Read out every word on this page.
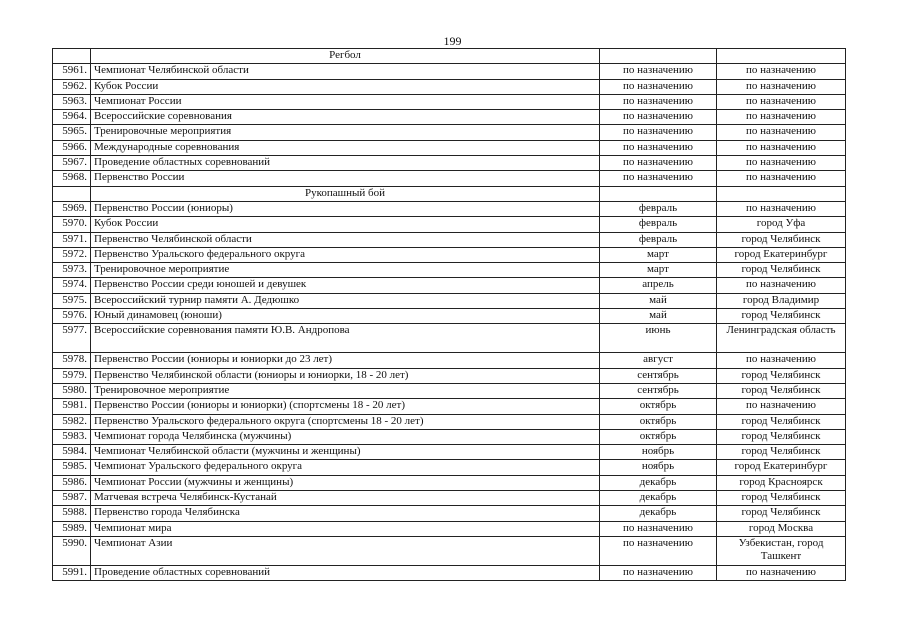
199
	Регбол		
5961.	Чемпионат Челябинской области	по назначению	по назначению
5962.	Кубок России	по назначению	по назначению
5963.	Чемпионат России	по назначению	по назначению
5964.	Всероссийские соревнования	по назначению	по назначению
5965.	Тренировочные мероприятия	по назначению	по назначению
5966.	Международные соревнования	по назначению	по назначению
5967.	Проведение областных соревнований	по назначению	по назначению
5968.	Первенство России	по назначению	по назначению
	Рукопашный бой		
5969.	Первенство России (юниоры)	февраль	по назначению
5970.	Кубок России	февраль	город Уфа
5971.	Первенство Челябинской области	февраль	город Челябинск
5972.	Первенство Уральского федерального округа	март	город Екатеринбург
5973.	Тренировочное мероприятие	март	город Челябинск
5974.	Первенство России среди юношей и девушек	апрель	по назначению
5975.	Всероссийский турнир памяти А. Дедюшко	май	город Владимир
5976.	Юный динамовец (юноши)	май	город Челябинск
5977.	Всероссийские соревнования памяти Ю.В. Андропова	июнь	Ленинградская область
5978.	Первенство России (юниоры и юниорки до 23 лет)	август	по назначению
5979.	Первенство Челябинской области (юниоры и юниорки, 18 - 20 лет)	сентябрь	город Челябинск
5980.	Тренировочное мероприятие	сентябрь	город Челябинск
5981.	Первенство России (юниоры и юниорки) (спортсмены 18 - 20 лет)	октябрь	по назначению
5982.	Первенство Уральского федерального округа (спортсмены 18 - 20 лет)	октябрь	город Челябинск
5983.	Чемпионат города Челябинска (мужчины)	октябрь	город Челябинск
5984.	Чемпионат Челябинской области (мужчины и женщины)	ноябрь	город Челябинск
5985.	Чемпионат Уральского федерального округа	ноябрь	город Екатеринбург
5986.	Чемпионат России (мужчины и женщины)	декабрь	город Красноярск
5987.	Матчевая встреча Челябинск-Кустанай	декабрь	город Челябинск
5988.	Первенство города Челябинска	декабрь	город Челябинск
5989.	Чемпионат мира	по назначению	город Москва
5990.	Чемпионат Азии	по назначению	Узбекистан, город Ташкент
5991.	Проведение областных соревнований	по назначению	по назначению
